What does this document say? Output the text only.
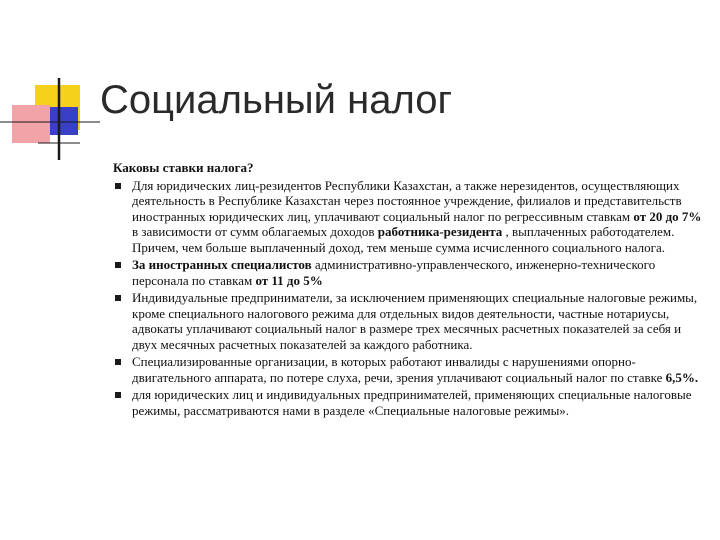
Социальный налог

Каковы ставки налога?

Для юридических лиц-резидентов Республики Казахстан, а также нерезидентов, осуществляющих деятельность в Республике Казахстан через постоянное учреждение, филиалов и представительств иностранных юридических лиц, уплачивают социальный налог по регрессивным ставкам от 20 до 7% в зависимости от сумм облагаемых доходов работника-резидента , выплаченных работодателем. Причем, чем больше выплаченный доход, тем меньше сумма исчисленного социального налога.
За иностранных специалистов административно-управленческого, инженерно-технического персонала по ставкам от 11 до 5%
Индивидуальные предприниматели, за исключением применяющих специальные налоговые режимы, кроме специального налогового режима для отдельных видов деятельности, частные нотариусы, адвокаты уплачивают социальный налог в размере трех месячных расчетных показателей за себя и двух месячных расчетных показателей за каждого работника.
Специализированные организации, в которых работают инвалиды с нарушениями опорно-двигательного аппарата, по потере слуха, речи, зрения уплачивают социальный налог по ставке 6,5%.
для юридических лиц и индивидуальных предпринимателей, применяющих специальные налоговые режимы, рассматриваются нами в разделе «Специальные налоговые режимы».
